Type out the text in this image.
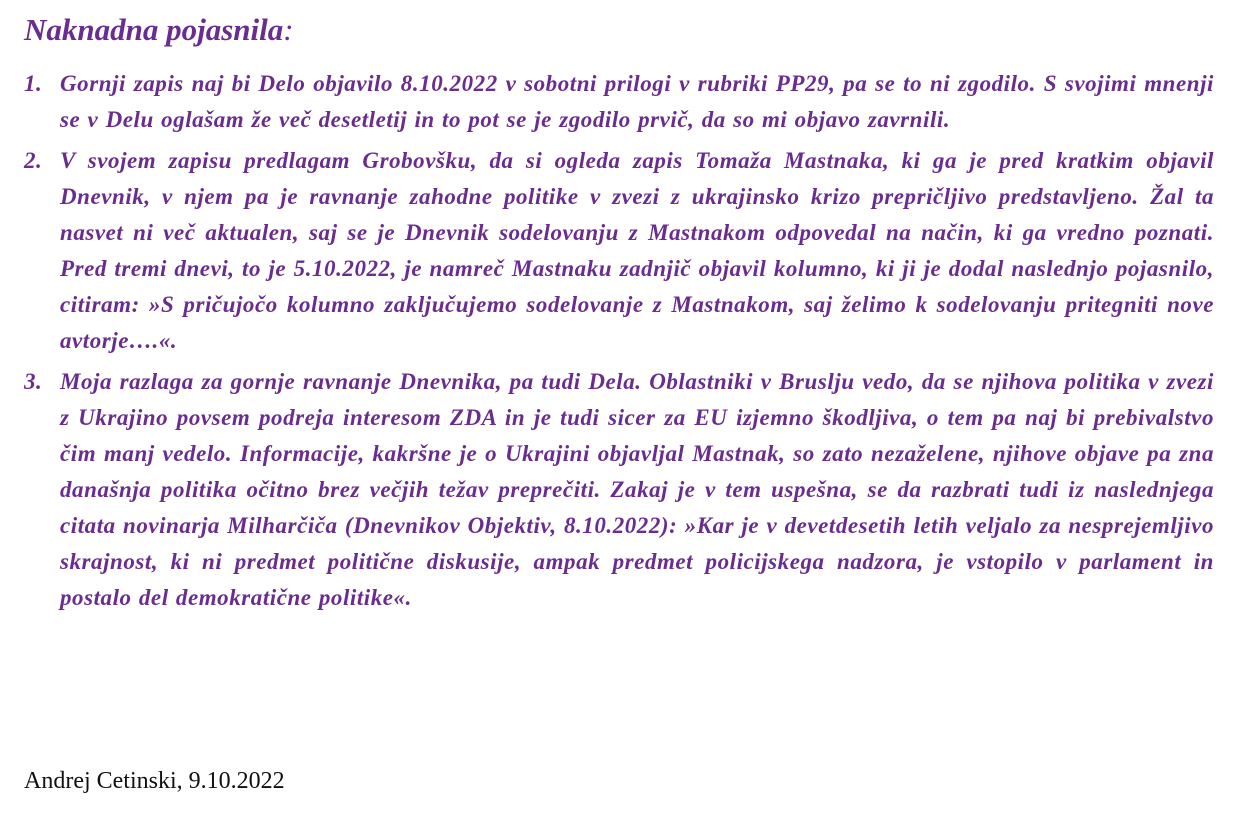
Naknadna pojasnila:
1. Gornji zapis naj bi Delo objavilo 8.10.2022 v sobotni prilogi v rubriki PP29, pa se to ni zgodilo. S svojimi mnenji se v Delu oglašam že več desetletij in to pot se je zgodilo prvič, da so mi objavo zavrnili.
2. V svojem zapisu predlagam Grobovšku, da si ogleda zapis Tomaža Mastnaka, ki ga je pred kratkim objavil Dnevnik, v njem pa je ravnanje zahodne politike v zvezi z ukrajinsko krizo prepričljivo predstavljeno. Žal ta nasvet ni več aktualen, saj se je Dnevnik sodelovanju z Mastnakom odpovedal na način, ki ga vredno poznati. Pred tremi dnevi, to je 5.10.2022, je namreč Mastnaku zadnjič objavil kolumno, ki ji je dodal naslednjo pojasnilo, citiram: »S pričujočo kolumno zaključujemo sodelovanje z Mastnakom, saj želimo k sodelovanju pritegniti nove avtorje….«.
3. Moja razlaga za gornje ravnanje Dnevnika, pa tudi Dela. Oblastniki v Bruslju vedo, da se njihova politika v zvezi z Ukrajino povsem podreja interesom ZDA in je tudi sicer za EU izjemno škodljiva, o tem pa naj bi prebivalstvo čim manj vedelo. Informacije, kakršne je o Ukrajini objavljal Mastnak, so zato nezaželene, njihove objave pa zna današnja politika očitno brez večjih težav preprečiti. Zakaj je v tem uspešna, se da razbrati tudi iz naslednjega citata novinarja Milharčiča (Dnevnikov Objektiv, 8.10.2022): »Kar je v devetdesetih letih veljalo za nesprejemljivo skrajnost, ki ni predmet politične diskusije, ampak predmet policijskega nadzora, je vstopilo v parlament in postalo del demokratične politike«.
Andrej Cetinski, 9.10.2022
